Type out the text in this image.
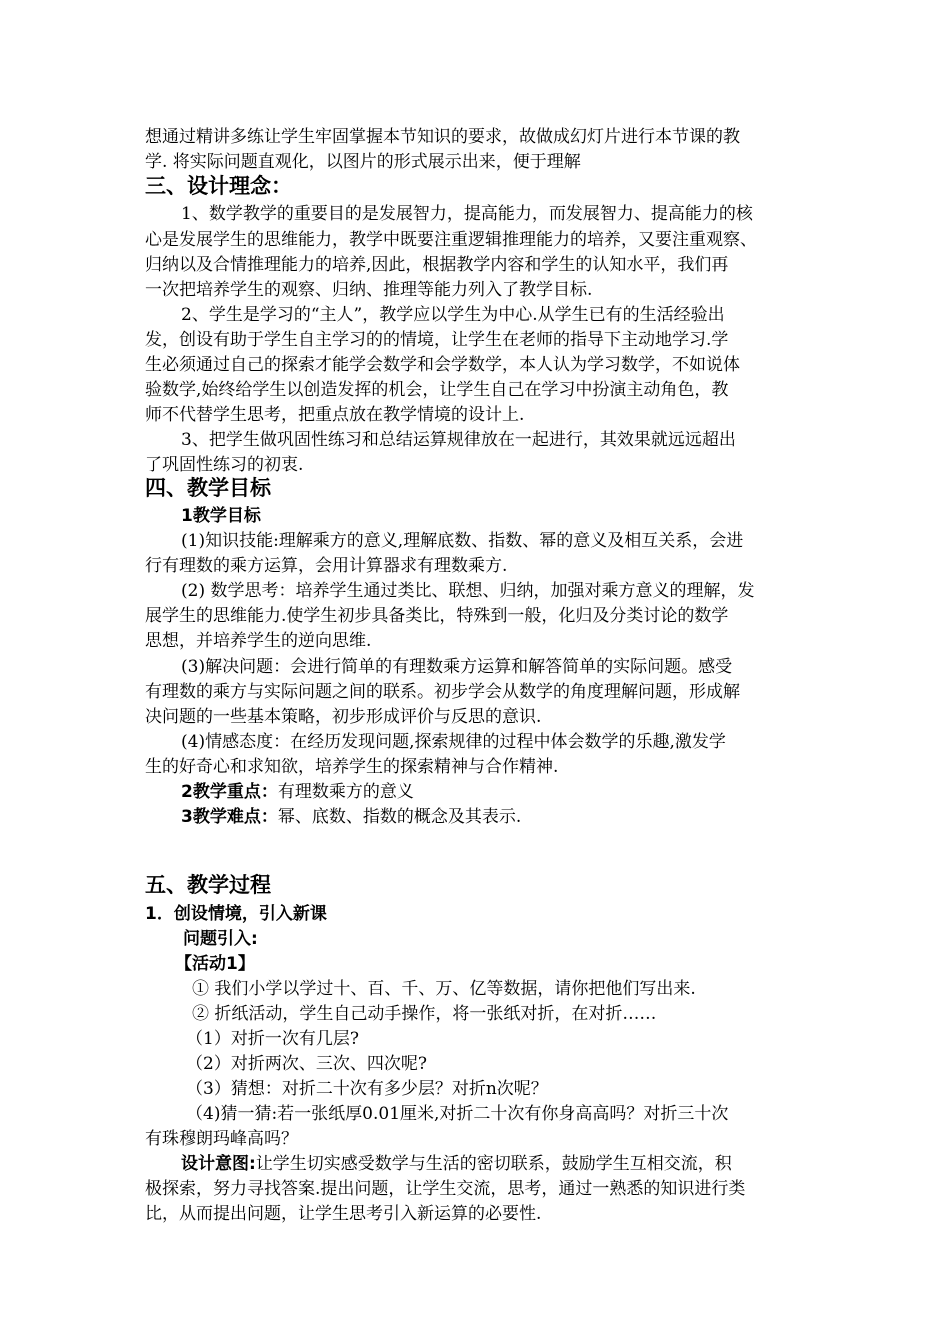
想通过精讲多练让学生牢固掌握本节知识的要求，故做成幻灯片进行本节课的教
学. 将实际问题直观化，以图片的形式展示出来，便于理解
三、设计理念：
1、数学教学的重要目的是发展智力，提高能力，而发展智力、提高能力的核
心是发展学生的思维能力，教学中既要注重逻辑推理能力的培养，又要注重观察、
归纳以及合情推理能力的培养,因此，根据教学内容和学生的认知水平，我们再
一次把培养学生的观察、归纳、推理等能力列入了教学目标.
2、学生是学习的“主人”，教学应以学生为中心.从学生已有的生活经验出
发，创设有助于学生自主学习的的情境，让学生在老师的指导下主动地学习.学
生必须通过自己的探索才能学会数学和会学数学，本人认为学习数学，不如说体
验数学,始终给学生以创造发挥的机会，让学生自己在学习中扮演主动角色，教
师不代替学生思考，把重点放在教学情境的设计上.
3、把学生做巩固性练习和总结运算规律放在一起进行，其效果就远远超出
了巩固性练习的初衷.
四、教学目标
1教学目标
(1)知识技能:理解乘方的意义,理解底数、指数、幂的意义及相互关系，会进
行有理数的乘方运算，会用计算器求有理数乘方.
(2) 数学思考：培养学生通过类比、联想、归纳，加强对乘方意义的理解，发
展学生的思维能力.使学生初步具备类比，特殊到一般，化归及分类讨论的数学
思想，并培养学生的逆向思维.
(3)解决问题：会进行简单的有理数乘方运算和解答简单的实际问题。感受
有理数的乘方与实际问题之间的联系。初步学会从数学的角度理解问题，形成解
决问题的一些基本策略，初步形成评价与反思的意识.
(4)情感态度：在经历发现问题,探索规律的过程中体会数学的乐趣,激发学
生的好奇心和求知欲，培养学生的探索精神与合作精神.
2教学重点：有理数乘方的意义
3教学难点：幂、底数、指数的概念及其表示.
五、教学过程
1．创设情境，引入新课
问题引入:
【活动1】
① 我们小学以学过十、百、千、万、亿等数据，请你把他们写出来.
② 折纸活动，学生自己动手操作，将一张纸对折，在对折……
（1）对折一次有几层?
（2）对折两次、三次、四次呢?
（3）猜想：对折二十次有多少层？对折n次呢？
（4)猜一猜:若一张纸厚0.01厘米,对折二十次有你身高高吗？对折三十次
有珠穆朗玛峰高吗？
设计意图:让学生切实感受数学与生活的密切联系，鼓励学生互相交流，积
极探索，努力寻找答案.提出问题，让学生交流，思考，通过一熟悉的知识进行类
比，从而提出问题，让学生思考引入新运算的必要性.
